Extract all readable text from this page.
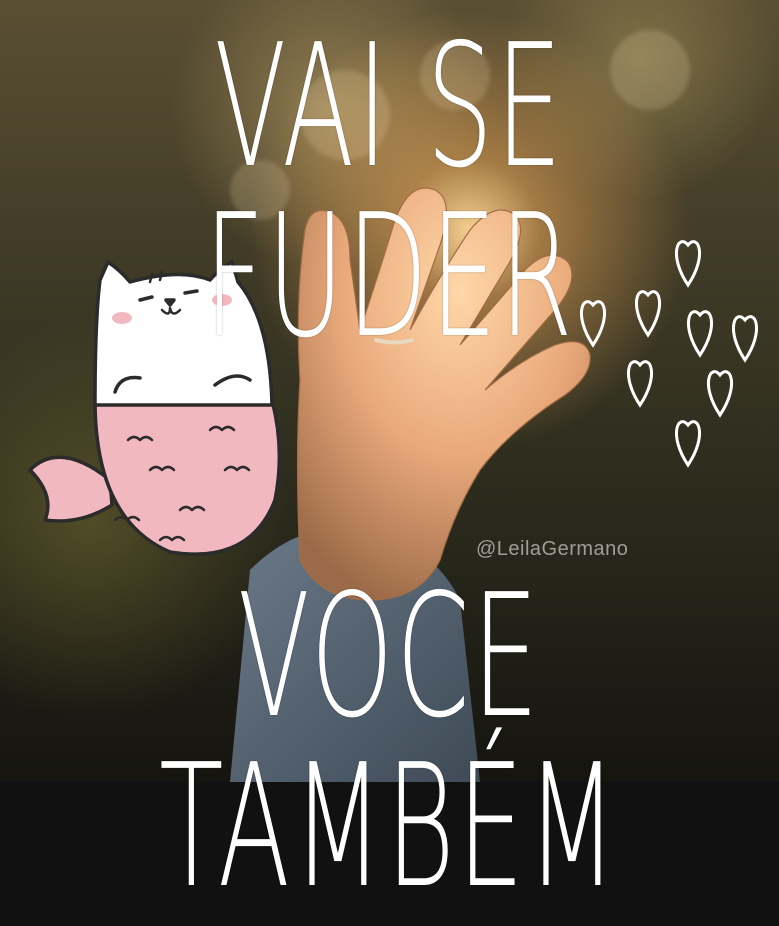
VAI SE FUDER
@LeilaGermano
VOCE TAMBÉM
